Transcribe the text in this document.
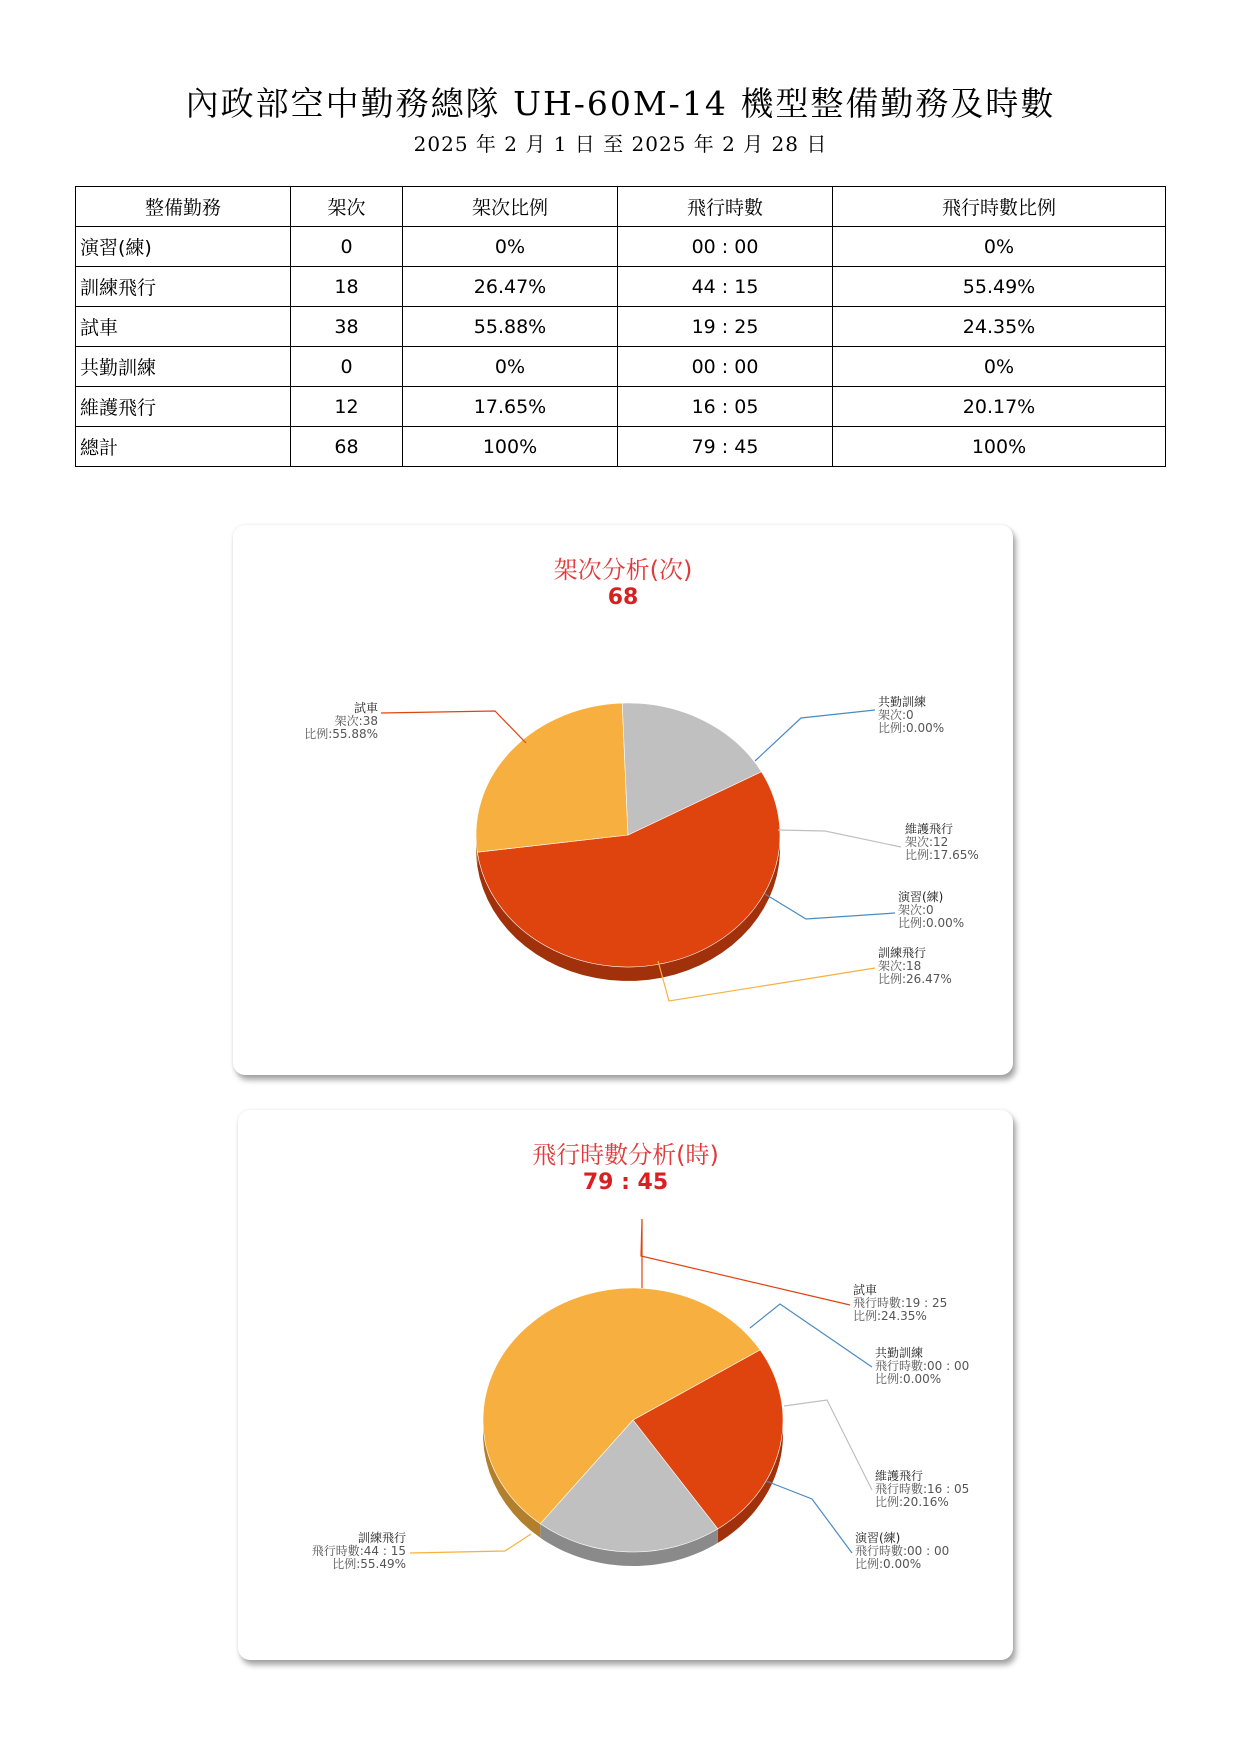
內政部空中勤務總隊 UH-60M-14 機型整備勤務及時數
2025 年 2 月 1 日 至 2025 年 2 月 28 日
整備勤務	架次	架次比例	飛行時數	飛行時數比例
演習(練)	0	0%	00 : 00	0%
訓練飛行	18	26.47%	44 : 15	55.49%
試車	38	55.88%	19 : 25	24.35%
共勤訓練	0	0%	00 : 00	0%
維護飛行	12	17.65%	16 : 05	20.17%
總計	68	100%	79 : 45	100%
架次分析(次)
68
試車
架次:38
比例:55.88%
共勤訓練
架次:0
比例:0.00%
維護飛行
架次:12
比例:17.65%
演習(練)
架次:0
比例:0.00%
訓練飛行
架次:18
比例:26.47%
飛行時數分析(時)
79 : 45
試車
飛行時數:19 : 25
比例:24.35%
共勤訓練
飛行時數:00 : 00
比例:0.00%
維護飛行
飛行時數:16 : 05
比例:20.16%
演習(練)
飛行時數:00 : 00
比例:0.00%
訓練飛行
飛行時數:44 : 15
比例:55.49%
